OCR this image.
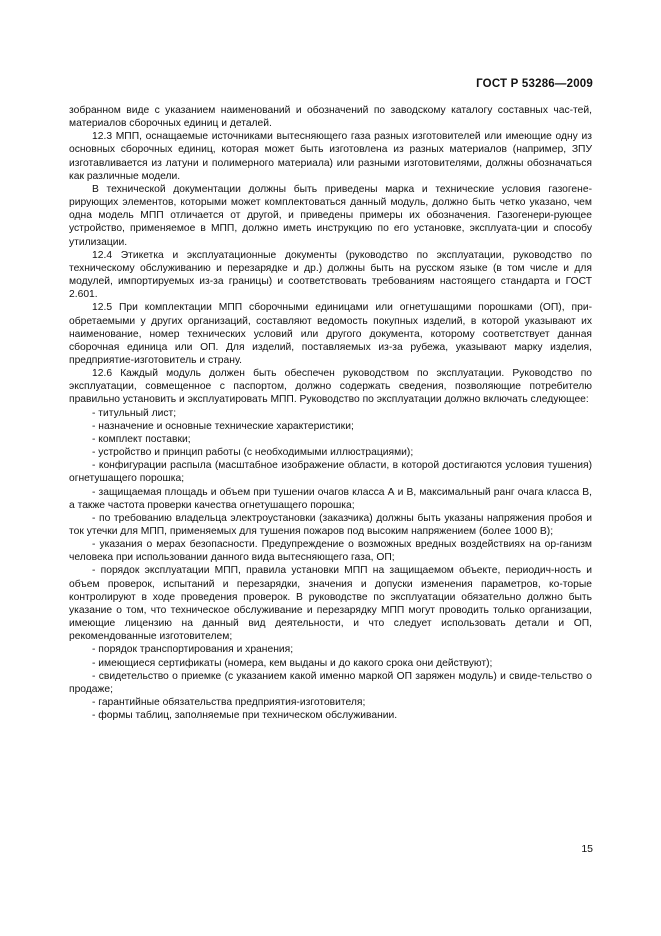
ГОСТ Р 53286—2009

зобранном виде с указанием наименований и обозначений по заводскому каталогу составных час-тей, материалов сборочных единиц и деталей.

12.3 МПП, оснащаемые источниками вытесняющего газа разных изготовителей или имеющие одну из основных сборочных единиц, которая может быть изготовлена из разных материалов (например, ЗПУ изготавливается из латуни и полимерного материала) или разными изготовителями, должны обозначаться как различные модели.

В технической документации должны быть приведены марка и технические условия газогене-рирующих элементов, которыми может комплектоваться данный модуль, должно быть четко указано, чем одна модель МПП отличается от другой, и приведены примеры их обозначения. Газогенери-рующее устройство, применяемое в МПП, должно иметь инструкцию по его установке, эксплуата-ции и способу утилизации.

12.4 Этикетка и эксплуатационные документы (руководство по эксплуатации, руководство по техническому обслуживанию и перезарядке и др.) должны быть на русском языке (в том числе и для модулей, импортируемых из-за границы) и соответствовать требованиям настоящего стандарта и ГОСТ 2.601.

12.5 При комплектации МПП сборочными единицами или огнетушащими порошками (ОП), при-обретаемыми у других организаций, составляют ведомость покупных изделий, в которой указывают их наименование, номер технических условий или другого документа, которому соответствует данная сборочная единица или ОП. Для изделий, поставляемых из-за рубежа, указывают марку изделия, предприятие-изготовитель и страну.

12.6 Каждый модуль должен быть обеспечен руководством по эксплуатации. Руководство по эксплуатации, совмещенное с паспортом, должно содержать сведения, позволяющие потребителю правильно установить и эксплуатировать МПП. Руководство по эксплуатации должно включать следующее:

- титульный лист;

- назначение и основные технические характеристики;

- комплект поставки;

- устройство и принцип работы (с необходимыми иллюстрациями);

- конфигурации распыла (масштабное изображение области, в которой достигаются условия тушения) огнетушащего порошка;

- защищаемая площадь и объем при тушении очагов класса А и В, максимальный ранг очага класса В, а также частота проверки качества огнетушащего порошка;

- по требованию владельца электроустановки (заказчика) должны быть указаны напряжения пробоя и ток утечки для МПП, применяемых для тушения пожаров под высоким напряжением (более 1000 В);

- указания о мерах безопасности. Предупреждение о возможных вредных воздействиях на ор-ганизм человека при использовании данного вида вытесняющего газа, ОП;

- порядок эксплуатации МПП, правила установки МПП на защищаемом объекте, периодич-ность и объем проверок, испытаний и перезарядки, значения и допуски изменения параметров, ко-торые контролируют в ходе проведения проверок. В руководстве по эксплуатации обязательно должно быть указание о том, что техническое обслуживание и перезарядку МПП могут проводить только организации, имеющие лицензию на данный вид деятельности, и что следует использовать детали и ОП, рекомендованные изготовителем;

- порядок транспортирования и хранения;

- имеющиеся сертификаты (номера, кем выданы и до какого срока они действуют);

- свидетельство о приемке (с указанием какой именно маркой ОП заряжен модуль) и свиде-тельство о продаже;

- гарантийные обязательства предприятия-изготовителя;

- формы таблиц, заполняемые при техническом обслуживании.

15
